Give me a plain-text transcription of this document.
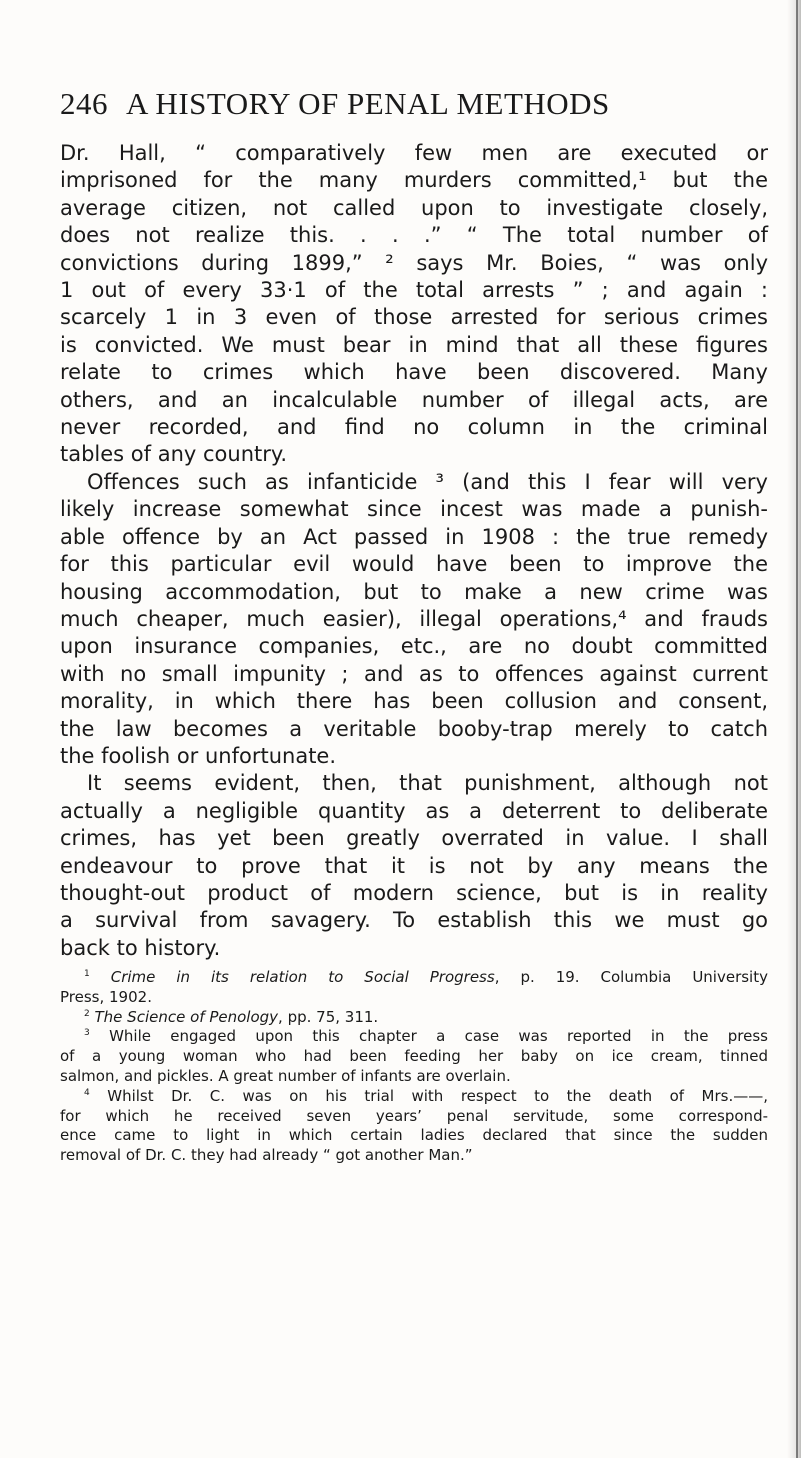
246 A HISTORY OF PENAL METHODS
Dr. Hall, “ comparatively few men are executed or
imprisoned for the many murders committed,¹ but the
average citizen, not called upon to investigate closely,
does not realize this. . . .” “ The total number of
convictions during 1899,” ² says Mr. Boies, “ was only
1 out of every 33·1 of the total arrests ” ; and again :
scarcely 1 in 3 even of those arrested for serious crimes
is convicted. We must bear in mind that all these figures
relate to crimes which have been discovered. Many
others, and an incalculable number of illegal acts, are
never recorded, and find no column in the criminal
tables of any country.
Offences such as infanticide ³ (and this I fear will very
likely increase somewhat since incest was made a punish-
able offence by an Act passed in 1908 : the true remedy
for this particular evil would have been to improve the
housing accommodation, but to make a new crime was
much cheaper, much easier), illegal operations,⁴ and frauds
upon insurance companies, etc., are no doubt committed
with no small impunity ; and as to offences against current
morality, in which there has been collusion and consent,
the law becomes a veritable booby-trap merely to catch
the foolish or unfortunate.
It seems evident, then, that punishment, although not
actually a negligible quantity as a deterrent to deliberate
crimes, has yet been greatly overrated in value. I shall
endeavour to prove that it is not by any means the
thought-out product of modern science, but is in reality
a survival from savagery. To establish this we must go
back to history.
$^1$ Crime in its relation to Social Progress, p. 19. Columbia University
Press, 1902.
$^2$ The Science of Penology, pp. 75, 311.
$^3$ While engaged upon this chapter a case was reported in the press
of a young woman who had been feeding her baby on ice cream, tinned
salmon, and pickles. A great number of infants are overlain.
$^4$ Whilst Dr. C. was on his trial with respect to the death of Mrs.——,
for which he received seven years’ penal servitude, some correspond-
ence came to light in which certain ladies declared that since the sudden
removal of Dr. C. they had already “ got another Man.”
